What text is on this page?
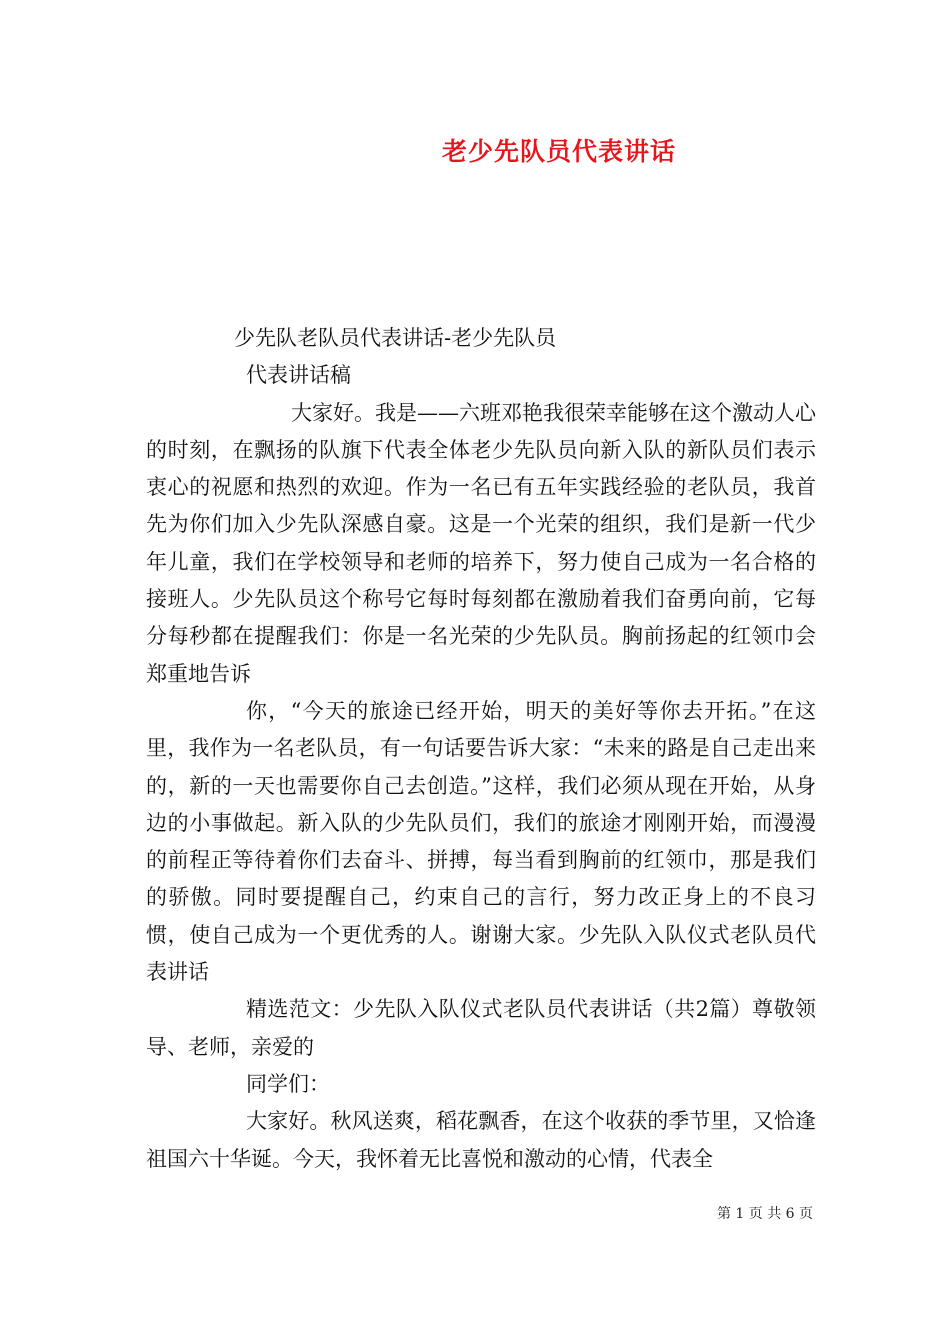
老少先队员代表讲话

少先队老队员代表讲话-老少先队员

代表讲话稿

大家好。我是——六班邓艳我很荣幸能够在这个激动人心的时刻，在飘扬的队旗下代表全体老少先队员向新入队的新队员们表示衷心的祝愿和热烈的欢迎。作为一名已有五年实践经验的老队员，我首先为你们加入少先队深感自豪。这是一个光荣的组织，我们是新一代少年儿童，我们在学校领导和老师的培养下，努力使自己成为一名合格的接班人。少先队员这个称号它每时每刻都在激励着我们奋勇向前，它每分每秒都在提醒我们：你是一名光荣的少先队员。胸前扬起的红领巾会郑重地告诉

你，“今天的旅途已经开始，明天的美好等你去开拓。”在这里，我作为一名老队员，有一句话要告诉大家：“未来的路是自己走出来的，新的一天也需要你自己去创造。”这样，我们必须从现在开始，从身边的小事做起。新入队的少先队员们，我们的旅途才刚刚开始，而漫漫的前程正等待着你们去奋斗、拼搏，每当看到胸前的红领巾，那是我们的骄傲。同时要提醒自己，约束自己的言行，努力改正身上的不良习惯，使自己成为一个更优秀的人。谢谢大家。少先队入队仪式老队员代表讲话

精选范文：少先队入队仪式老队员代表讲话（共2篇）尊敬领导、老师，亲爱的

同学们：

大家好。秋风送爽，稻花飘香，在这个收获的季节里，又恰逢祖国六十华诞。今天，我怀着无比喜悦和激动的心情，代表全

第 1 页 共 6 页
